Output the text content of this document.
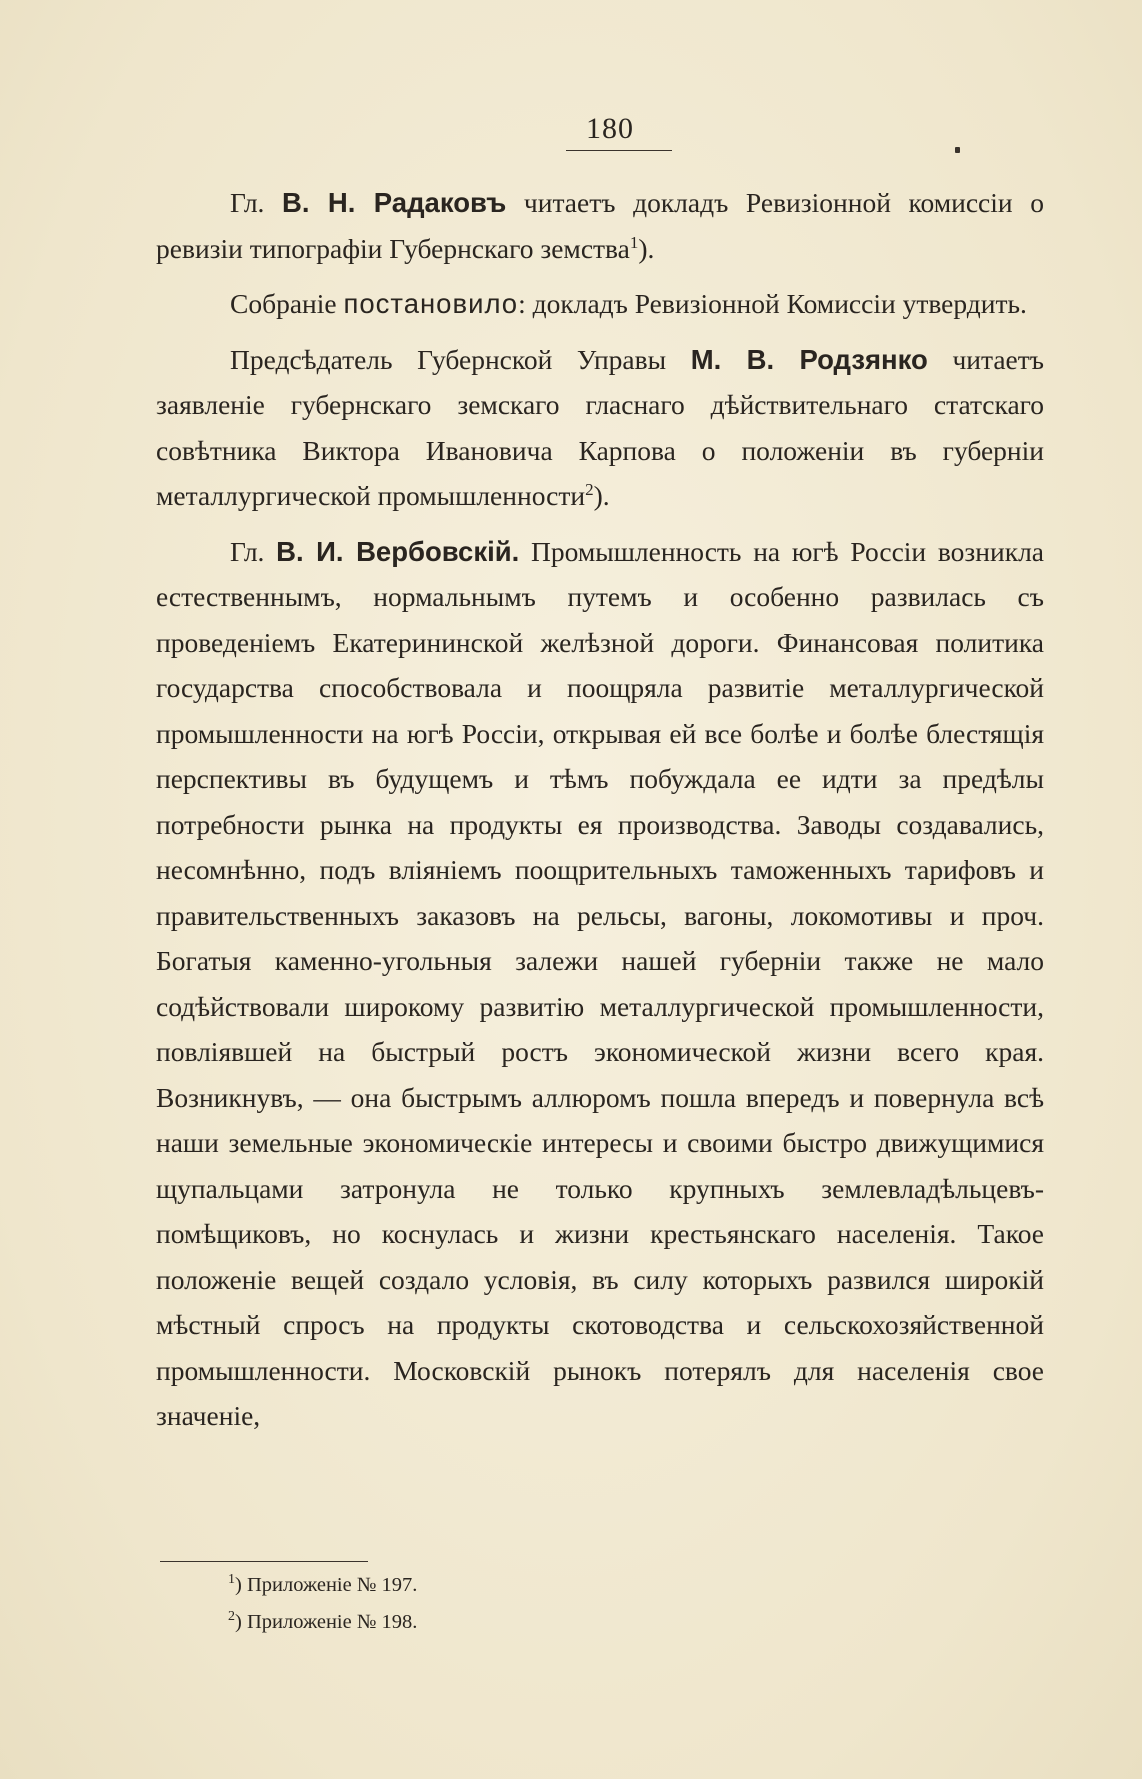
180

Гл. В. Н. Радаковъ читаетъ докладъ Ревизіонной комиссіи о ревизіи типографіи Губернскаго земства$^1$).

Собраніе постановило: докладъ Ревизіонной Комиссіи утвердить.

Предсѣдатель Губернской Управы М. В. Родзянко читаетъ заявленіе губернскаго земскаго гласнаго дѣйствительнаго статскаго совѣтника Виктора Ивановича Карпова о положеніи въ губерніи металлургической промышленности$^2$).

Гл. В. И. Вербовскій. Промышленность на югѣ Россіи возникла естественнымъ, нормальнымъ путемъ и особенно развилась съ проведеніемъ Екатерининской желѣзной дороги. Финансовая политика государства способствовала и поощряла развитіе металлургической промышленности на югѣ Россіи, открывая ей все болѣе и болѣе блестящія перспективы въ будущемъ и тѣмъ побуждала ее идти за предѣлы потребности рынка на продукты ея производства. Заводы создавались, несомнѣнно, подъ вліяніемъ поощрительныхъ таможенныхъ тарифовъ и правительственныхъ заказовъ на рельсы, вагоны, локомотивы и проч. Богатыя каменно-угольныя залежи нашей губерніи также не мало содѣйствовали широкому развитію металлургической промышленности, повліявшей на быстрый ростъ экономической жизни всего края. Возникнувъ, — она быстрымъ аллюромъ пошла впередъ и повернула всѣ наши земельные экономическіе интересы и своими быстро движущимися щупальцами затронула не только крупныхъ землевладѣльцевъ-помѣщиковъ, но коснулась и жизни крестьянскаго населенія. Такое положеніе вещей создало условія, въ силу которыхъ развился широкій мѣстный спросъ на продукты скотоводства и сельскохозяйственной промышленности. Московскій рынокъ потерялъ для населенія свое значеніе,

$^1$) Приложеніе № 197.
$^2$) Приложеніе № 198.
